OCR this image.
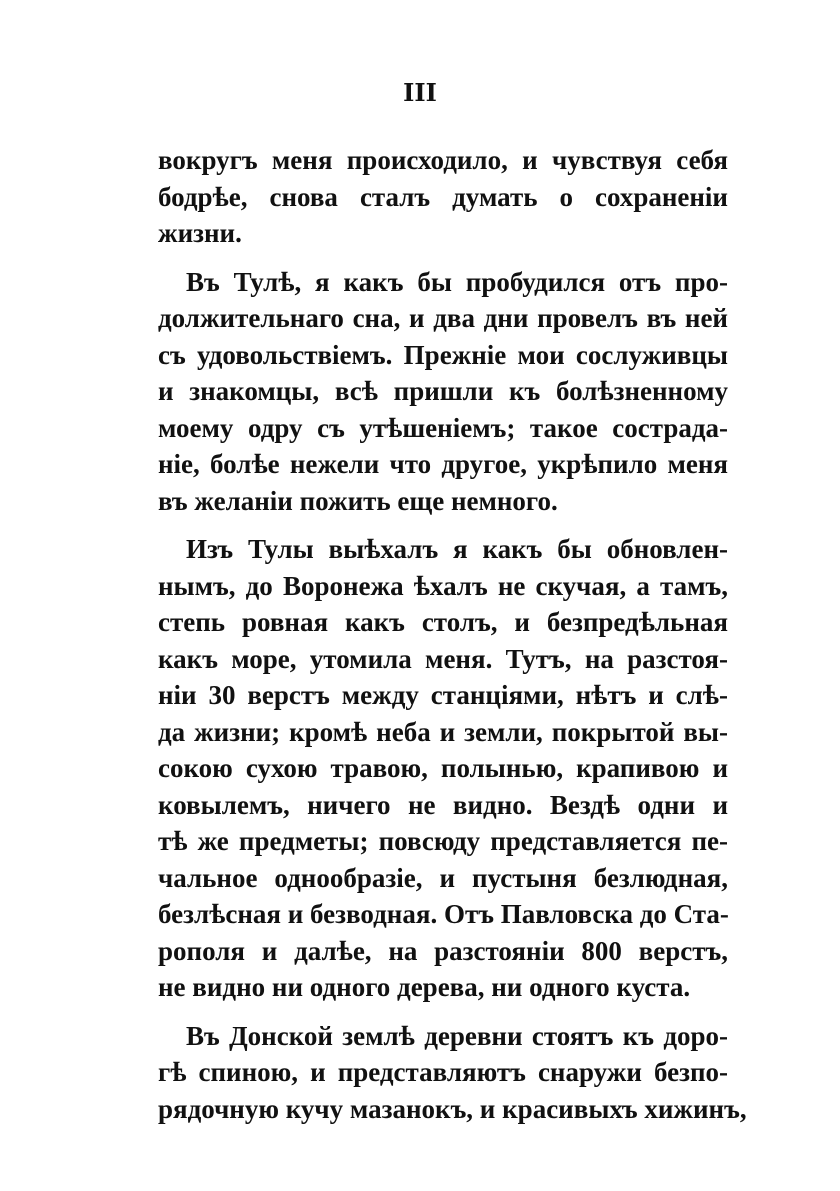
III

вокругъ меня происходило, и чувствуя себя
бодрѣе, снова сталъ думать о сохраненіи
жизни.

Въ Тулѣ, я какъ бы пробудился отъ про-
должительнаго сна, и два дни провелъ въ ней
съ удовольствіемъ. Прежніе мои сослуживцы
и знакомцы, всѣ пришли къ болѣзненному
моему одру съ утѣшеніемъ; такое сострада-
ніе, болѣе нежели что другое, укрѣпило меня
въ желаніи пожить еще немного.

Изъ Тулы выѣхалъ я какъ бы обновлен-
нымъ, до Воронежа ѣхалъ не скучая, а тамъ,
степь ровная какъ столъ, и безпредѣльная
какъ море, утомила меня. Тутъ, на разстоя-
ніи 30 верстъ между станціями, нѣтъ и слѣ-
да жизни; кромѣ неба и земли, покрытой вы-
сокою сухою травою, полынью, крапивою и
ковылемъ, ничего не видно. Вездѣ одни и
тѣ же предметы; повсюду представляется пе-
чальное однообразіе, и пустыня безлюдная,
безлѣсная и безводная. Отъ Павловска до Ста-
рополя и далѣе, на разстояніи 800 верстъ,
не видно ни одного дерева, ни одного куста.

Въ Донской землѣ деревни стоятъ къ доро-
гѣ спиною, и представляютъ снаружи безпо-
рядочную кучу мазанокъ, и красивыхъ хижинъ,
